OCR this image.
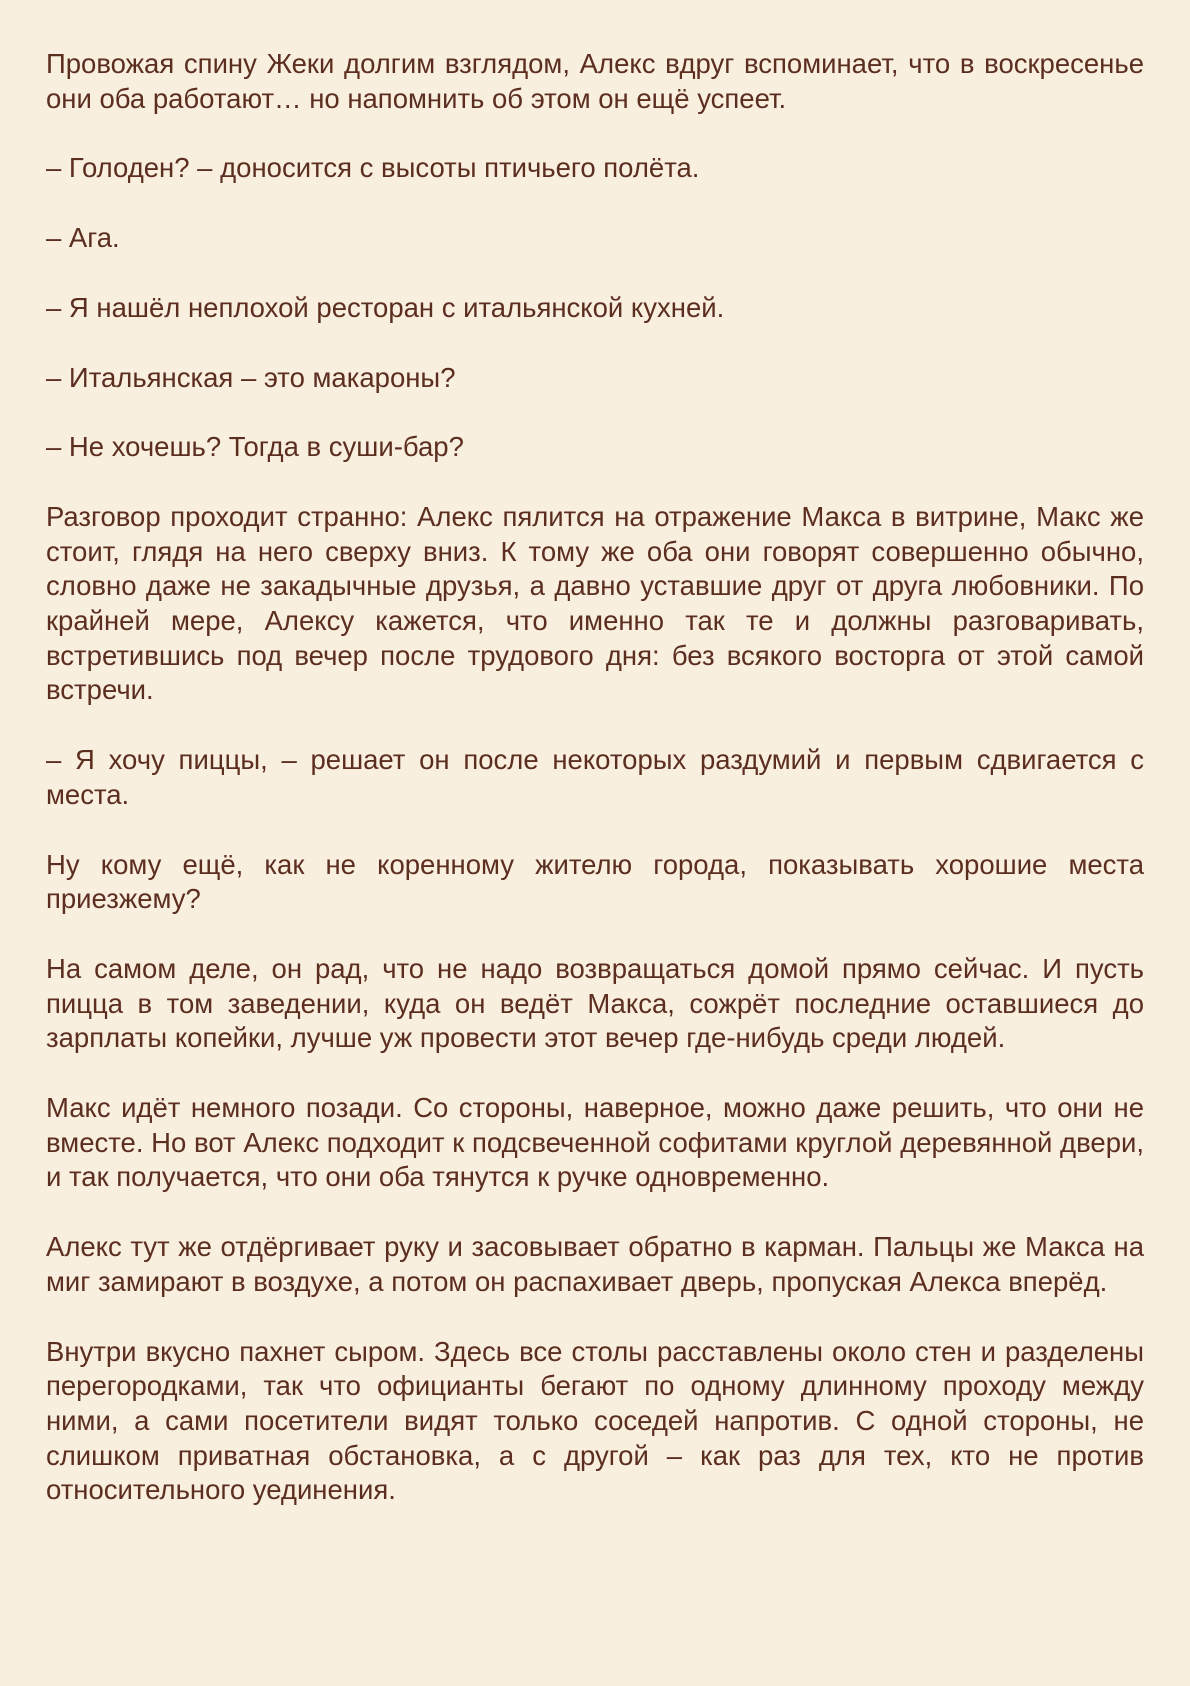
Провожая спину Жеки долгим взглядом, Алекс вдруг вспоминает, что в воскресенье они оба работают… но напомнить об этом он ещё успеет.

– Голоден? – доносится с высоты птичьего полёта.

– Ага.

– Я нашёл неплохой ресторан с итальянской кухней.

– Итальянская – это макароны?

– Не хочешь? Тогда в суши-бар?

Разговор проходит странно: Алекс пялится на отражение Макса в витрине, Макс же стоит, глядя на него сверху вниз. К тому же оба они говорят совершенно обычно, словно даже не закадычные друзья, а давно уставшие друг от друга любовники. По крайней мере, Алексу кажется, что именно так те и должны разговаривать, встретившись под вечер после трудового дня: без всякого восторга от этой самой встречи.

– Я хочу пиццы, – решает он после некоторых раздумий и первым сдвигается с места.

Ну кому ещё, как не коренному жителю города, показывать хорошие места приезжему?

На самом деле, он рад, что не надо возвращаться домой прямо сейчас. И пусть пицца в том заведении, куда он ведёт Макса, сожрёт последние оставшиеся до зарплаты копейки, лучше уж провести этот вечер где-нибудь среди людей.

Макс идёт немного позади. Со стороны, наверное, можно даже решить, что они не вместе. Но вот Алекс подходит к подсвеченной софитами круглой деревянной двери, и так получается, что они оба тянутся к ручке одновременно.

Алекс тут же отдёргивает руку и засовывает обратно в карман. Пальцы же Макса на миг замирают в воздухе, а потом он распахивает дверь, пропуская Алекса вперёд.

Внутри вкусно пахнет сыром. Здесь все столы расставлены около стен и разделены перегородками, так что официанты бегают по одному длинному проходу между ними, а сами посетители видят только соседей напротив. С одной стороны, не слишком приватная обстановка, а с другой – как раз для тех, кто не против относительного уединения.
